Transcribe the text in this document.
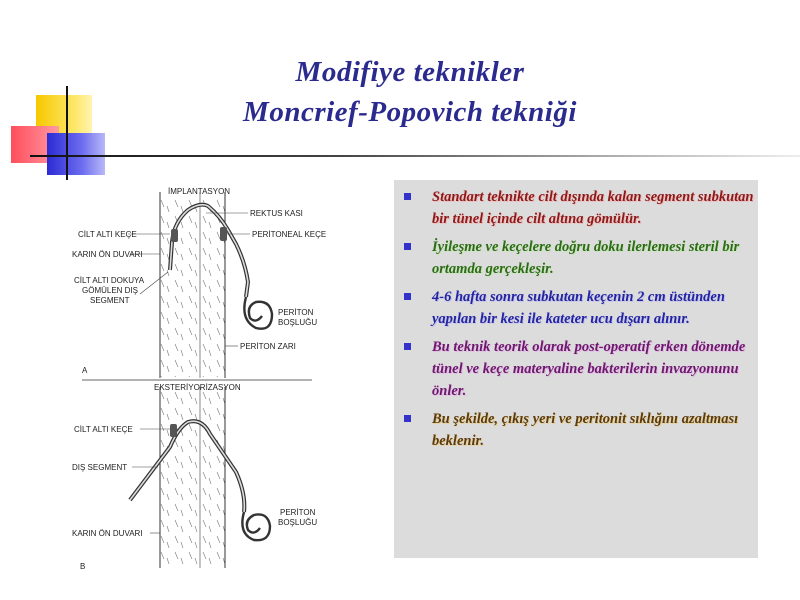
Modifiye teknikler
Moncrief-Popovich tekniği
İMPLANTASYON
REKTUS KASI
PERİTONEAL KEÇE
CİLT ALTI KEÇE
KARIN ÖN DUVARI
CİLT ALTI DOKUYA
GÖMÜLEN DIŞ
SEGMENT
PERİTON
BOŞLUĞU
PERİTON ZARI
A
EKSTERİYORİZASYON
CİLT ALTI KEÇE
DIŞ SEGMENT
PERİTON
BOŞLUĞU
KARIN ÖN DUVARI
B
Standart teknikte cilt dışında kalan segment subkutan bir tünel içinde cilt altına gömülür.
İyileşme ve keçelere doğru doku ilerlemesi steril bir ortamda gerçekleşir.
4-6 hafta sonra subkutan keçenin 2 cm üstünden yapılan bir kesi ile kateter ucu dışarı alınır.
Bu teknik teorik olarak post-operatif erken dönemde tünel ve keçe materyaline bakterilerin invazyonunu önler.
Bu şekilde, çıkış yeri ve peritonit sıklığını azaltması beklenir.
